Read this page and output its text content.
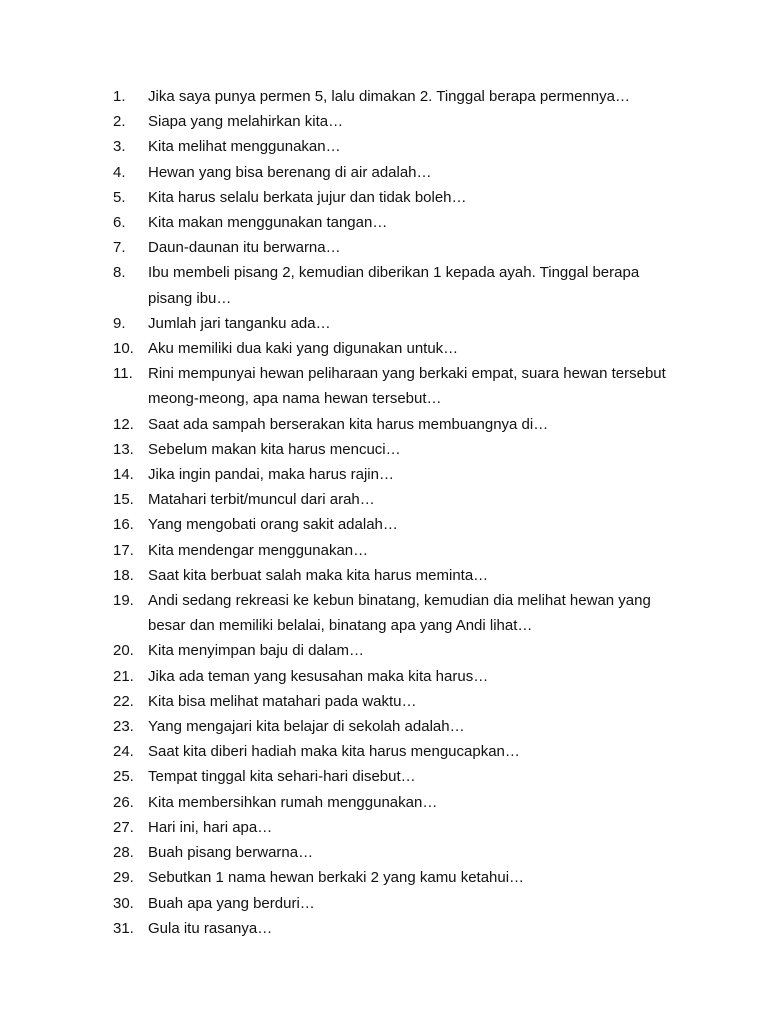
1.	Jika saya punya permen 5, lalu dimakan 2. Tinggal berapa permennya…
2.	Siapa yang melahirkan kita…
3.	Kita melihat menggunakan…
4.	Hewan yang bisa berenang di air adalah…
5.	Kita harus selalu berkata jujur dan tidak boleh…
6.	Kita makan menggunakan tangan…
7.	Daun-daunan itu berwarna…
8.	Ibu membeli pisang 2, kemudian diberikan 1 kepada ayah. Tinggal berapa pisang ibu…
9.	Jumlah jari tanganku ada…
10. Aku memiliki dua kaki yang digunakan untuk…
11.	Rini mempunyai hewan peliharaan yang berkaki empat, suara hewan tersebut meong-meong, apa nama hewan tersebut…
12. Saat ada sampah berserakan kita harus membuangnya di…
13. Sebelum makan kita harus mencuci…
14. Jika ingin pandai, maka harus rajin…
15. Matahari terbit/muncul dari arah…
16. Yang mengobati orang sakit adalah…
17. Kita mendengar menggunakan…
18. Saat kita berbuat salah maka kita harus meminta…
19. Andi sedang rekreasi ke kebun binatang, kemudian dia melihat hewan yang besar dan memiliki belalai, binatang apa yang Andi lihat…
20. Kita menyimpan baju di dalam…
21. Jika ada teman yang kesusahan maka kita harus…
22. Kita bisa melihat matahari pada waktu…
23. Yang mengajari kita belajar di sekolah adalah…
24. Saat kita diberi hadiah maka kita harus mengucapkan…
25. Tempat tinggal kita sehari-hari disebut…
26. Kita membersihkan rumah menggunakan…
27. Hari ini, hari apa…
28. Buah pisang berwarna…
29. Sebutkan 1 nama hewan berkaki 2 yang kamu ketahui…
30. Buah apa yang berduri…
31. Gula itu rasanya…
